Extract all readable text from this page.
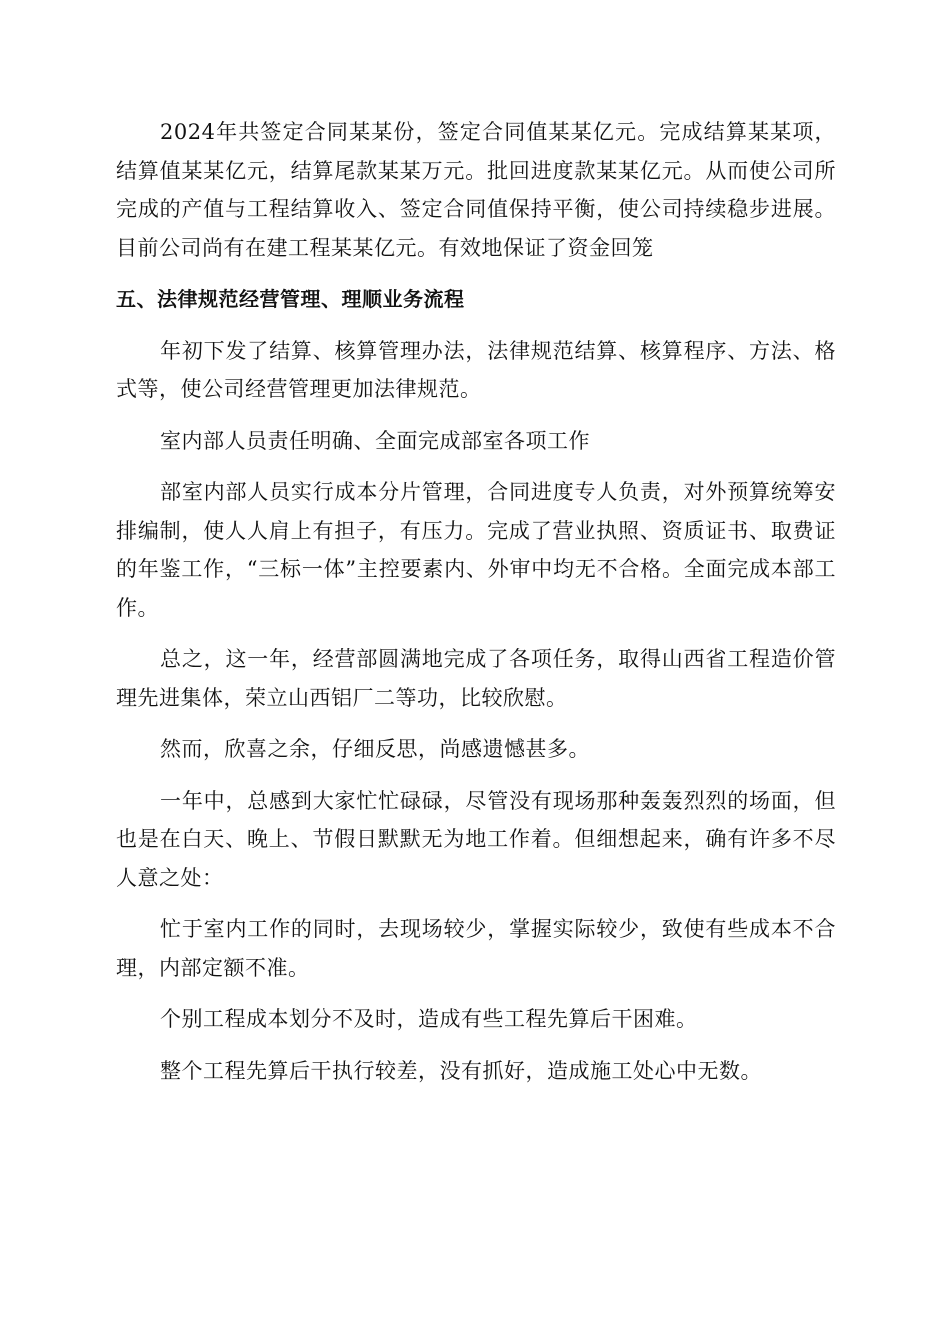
2024年共签定合同某某份，签定合同值某某亿元。完成结算某某项，结算值某某亿元，结算尾款某某万元。批回进度款某某亿元。从而使公司所完成的产值与工程结算收入、签定合同值保持平衡，使公司持续稳步进展。目前公司尚有在建工程某某亿元。有效地保证了资金回笼

五、法律规范经营管理、理顺业务流程

年初下发了结算、核算管理办法，法律规范结算、核算程序、方法、格式等，使公司经营管理更加法律规范。

室内部人员责任明确、全面完成部室各项工作

部室内部人员实行成本分片管理，合同进度专人负责，对外预算统筹安排编制，使人人肩上有担子，有压力。完成了营业执照、资质证书、取费证的年鉴工作，“三标一体”主控要素内、外审中均无不合格。全面完成本部工作。

总之，这一年，经营部圆满地完成了各项任务，取得山西省工程造价管理先进集体，荣立山西铝厂二等功，比较欣慰。

然而，欣喜之余，仔细反思，尚感遗憾甚多。

一年中，总感到大家忙忙碌碌，尽管没有现场那种轰轰烈烈的场面，但也是在白天、晚上、节假日默默无为地工作着。但细想起来，确有许多不尽人意之处：

忙于室内工作的同时，去现场较少，掌握实际较少，致使有些成本不合理，内部定额不准。

个别工程成本划分不及时，造成有些工程先算后干困难。

整个工程先算后干执行较差，没有抓好，造成施工处心中无数。
